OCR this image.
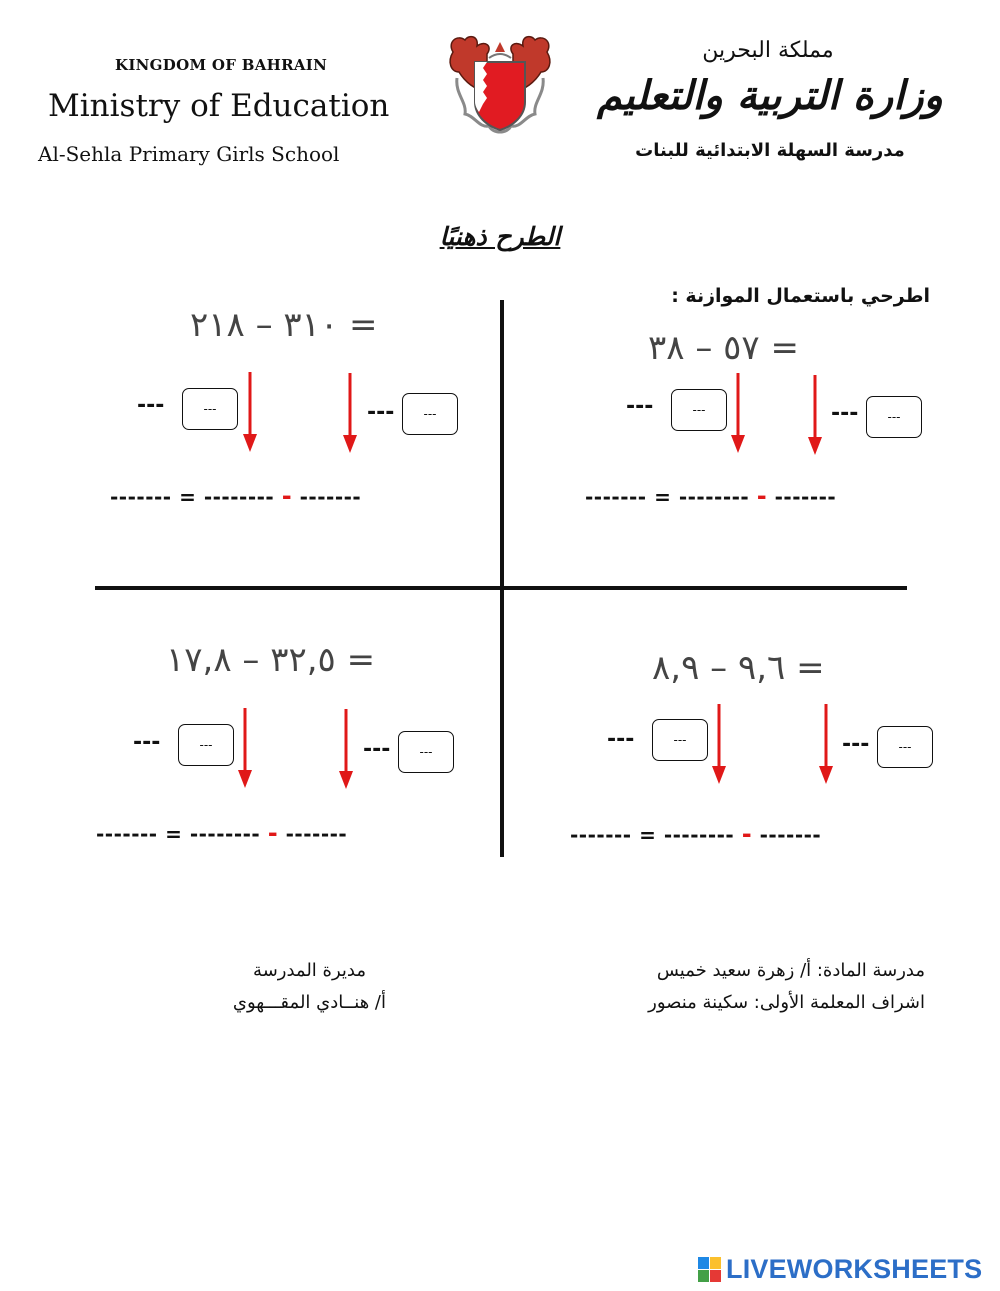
KINGDOM OF BAHRAIN
Ministry of Education
Al-Sehla Primary Girls School
مملكة البحرين
وزارة التربية والتعليم
مدرسة السهلة الابتدائية للبنات
الطرح ذهنيًا
اطرحي باستعمال الموازنة :
٥٧ – ٣٨ =
---	---	---	---
------- = -------- - -------
٣١٠ – ٢١٨ =
---	---	---	---
------- = -------- - -------
٩,٦ – ٨,٩ =
---	---	---	---
------- = -------- - -------
٣٢,٥ – ١٧,٨ =
---	---	---	---
------- = -------- - -------
مدرسة المادة: أ/ زهرة سعيد خميس
اشراف المعلمة الأولى: سكينة منصور
مديرة المدرسة
أ/ هنــادي المقـــهوي
LIVEWORKSHEETS
